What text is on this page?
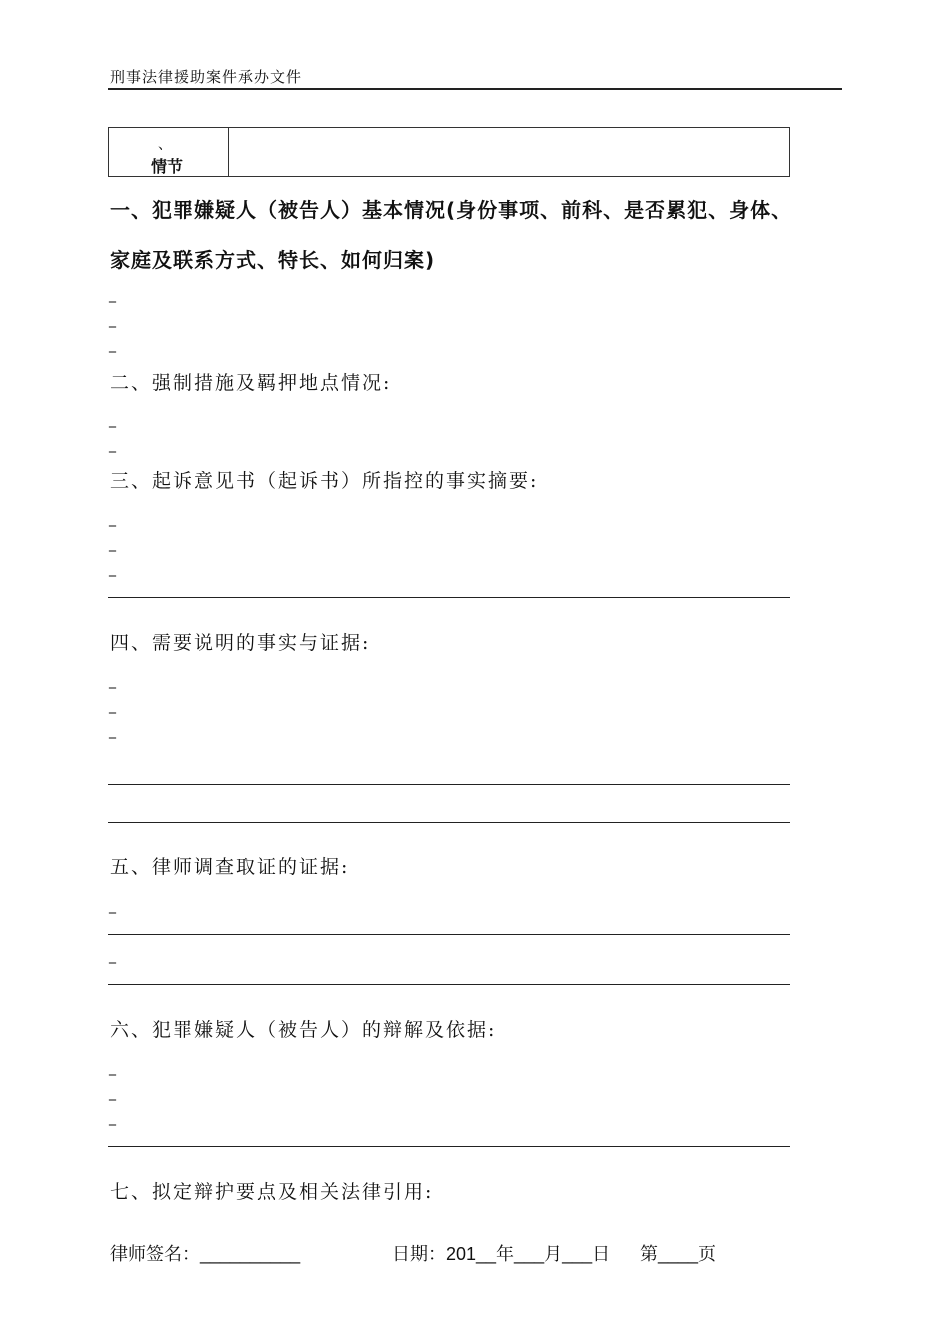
刑事法律援助案件承办文件
、
情节
一、犯罪嫌疑人（被告人）基本情况(身份事项、前科、是否累犯、身体、
家庭及联系方式、特长、如何归案)
_
_
_
二、强制措施及羁押地点情况:
_
_
三、起诉意见书（起诉书）所指控的事实摘要:
_
_
_
四、需要说明的事实与证据:
_
_
_
五、律师调查取证的证据:
_
_
六、犯罪嫌疑人（被告人）的辩解及依据:
_
_
_
七、拟定辩护要点及相关法律引用:
律师签名：__________	日期：201__年___月___日 第____页
